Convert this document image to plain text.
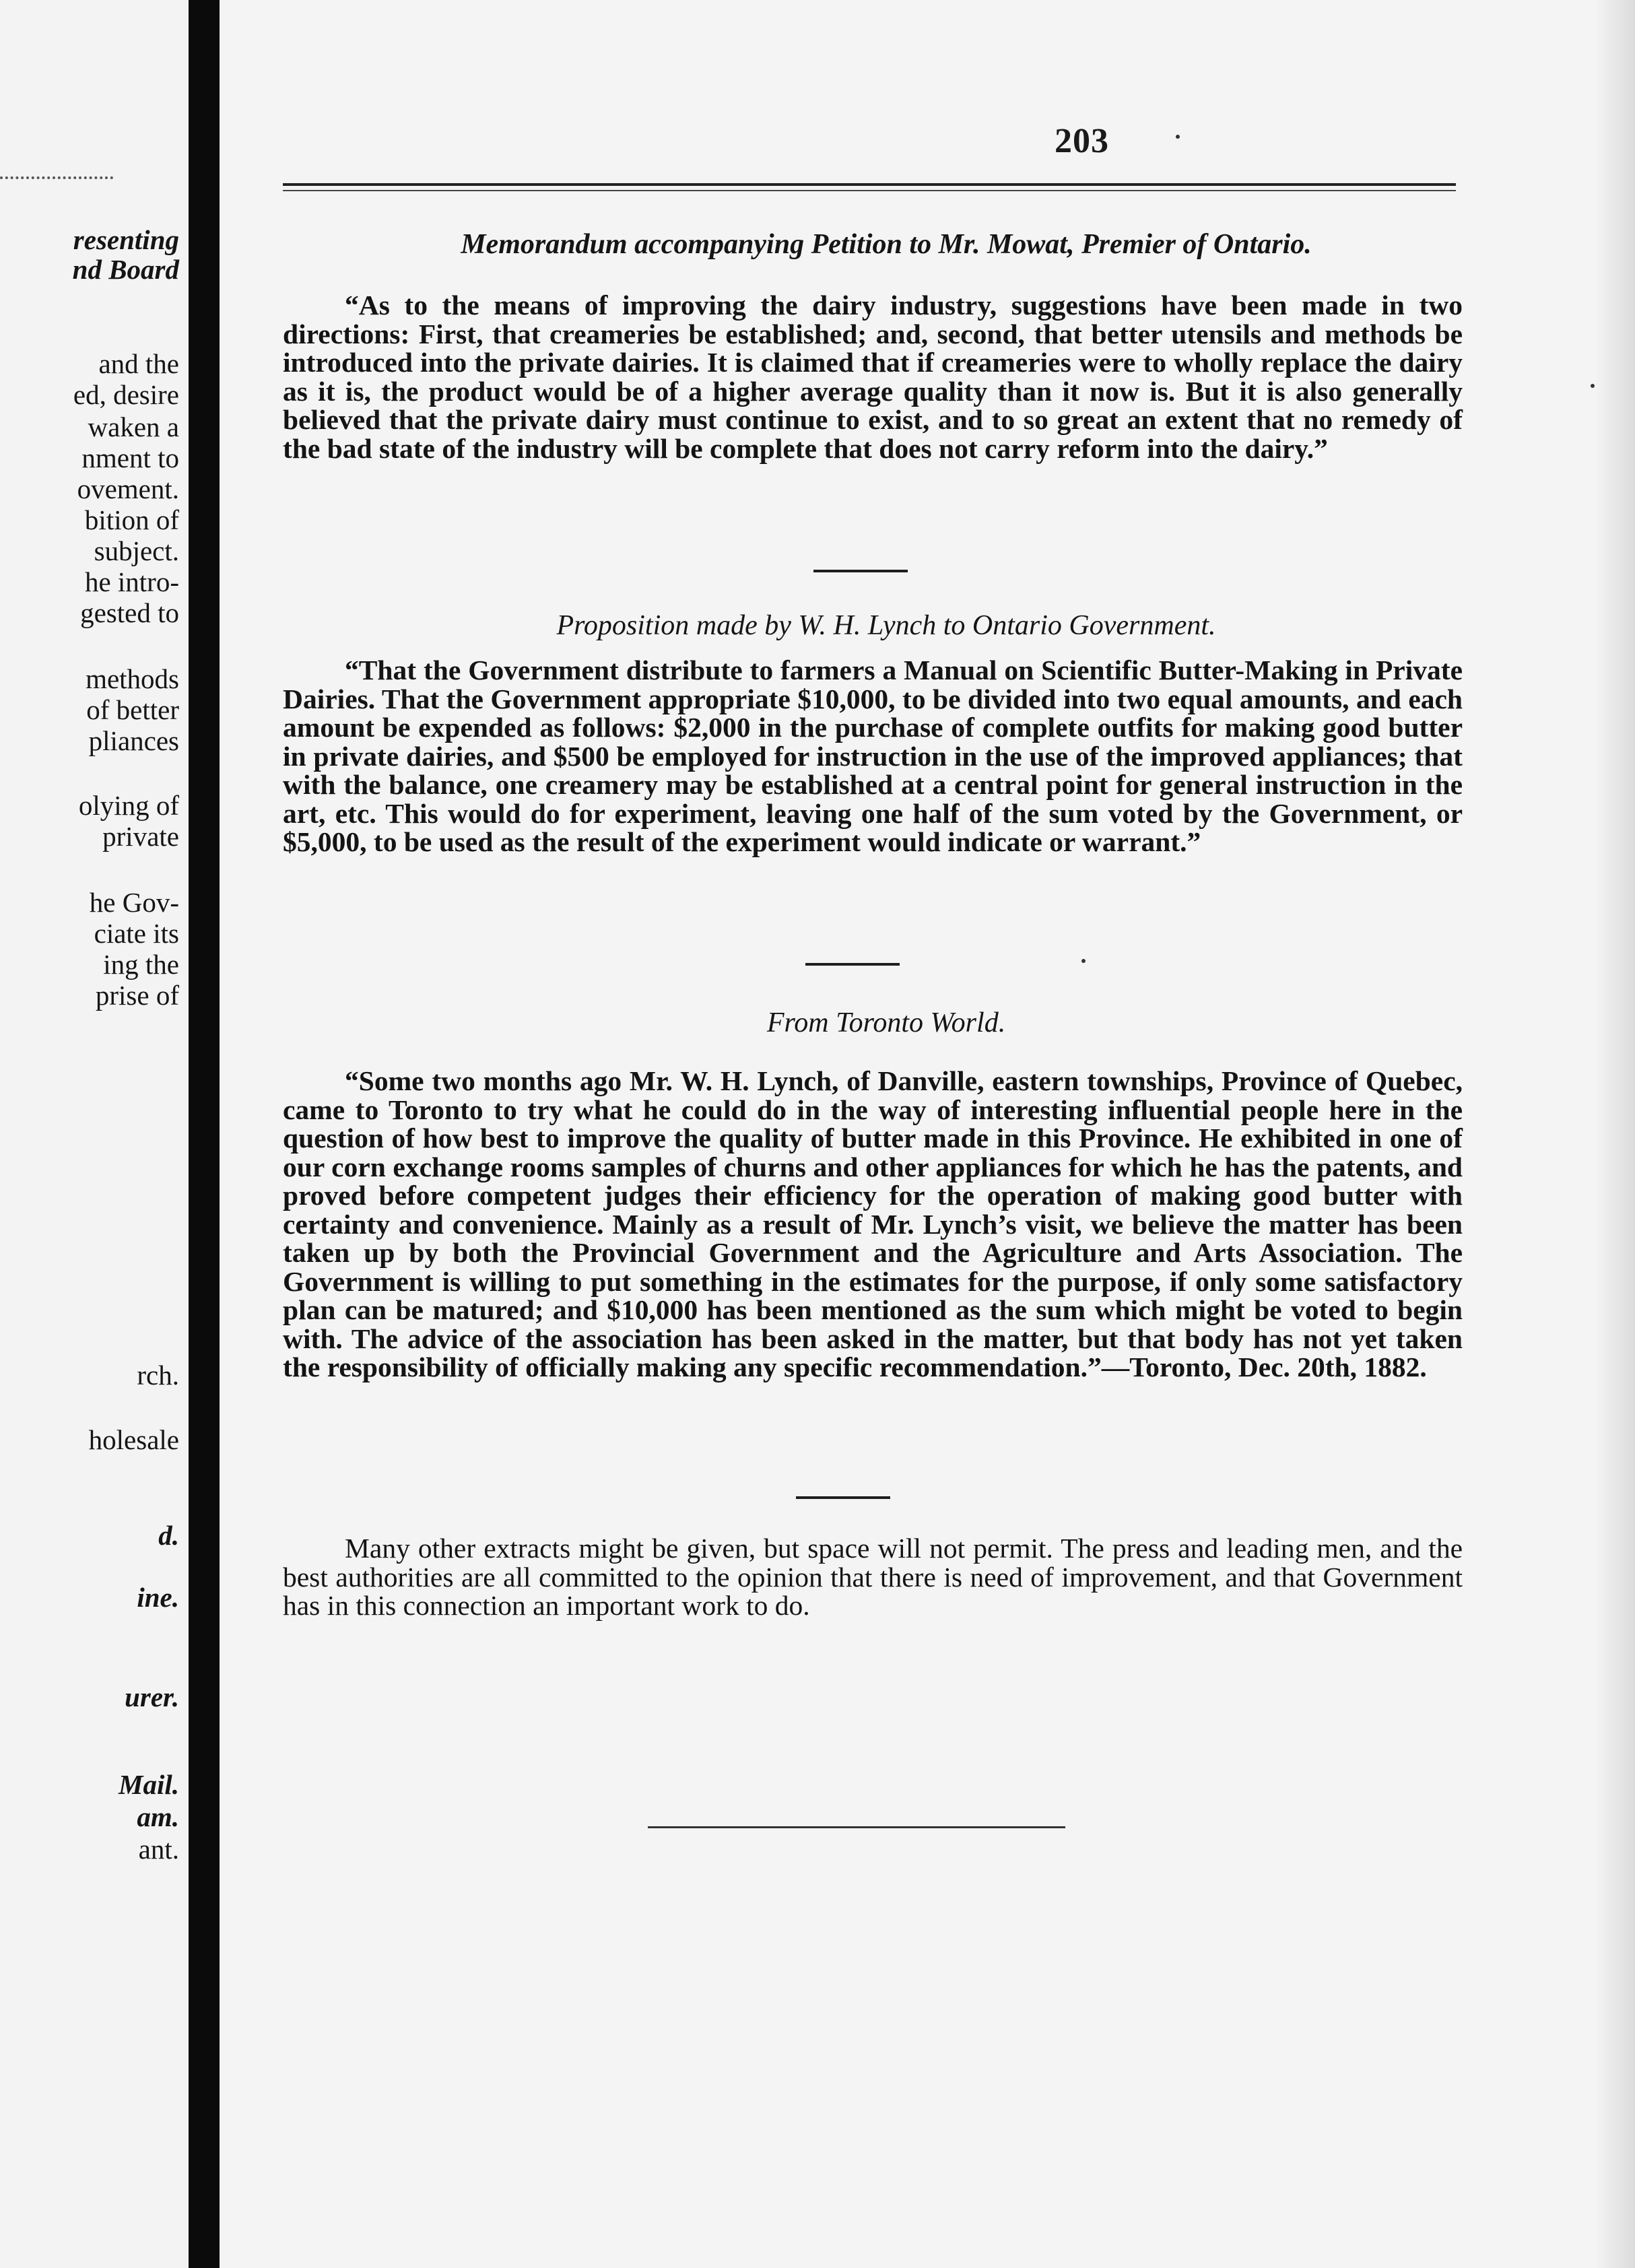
resenting
nd Board
and the
ed, desire
waken a
nment to
ovement.
bition of
subject.
he intro-
gested to
methods
of better
pliances
olying of
private
he Gov-
ciate its
ing the
prise of
rch.
holesale
d.
ine.
urer.
Mail.
am.
ant.
203
Memorandum accompanying Petition to Mr. Mowat, Premier of Ontario.
“As to the means of improving the dairy industry, suggestions have been made in two directions: First, that creameries be established; and, second, that better utensils and methods be introduced into the private dairies. It is claimed that if creameries were to wholly replace the dairy as it is, the product would be of a higher average quality than it now is. But it is also generally believed that the private dairy must continue to exist, and to so great an extent that no remedy of the bad state of the industry will be complete that does not carry reform into the dairy.”
Proposition made by W. H. Lynch to Ontario Government.
“That the Government distribute to farmers a Manual on Scientific Butter-Making in Private Dairies. That the Government appropriate $10,000, to be divided into two equal amounts, and each amount be expended as follows: $2,000 in the purchase of complete outfits for making good butter in private dairies, and $500 be employed for instruction in the use of the improved appliances; that with the balance, one creamery may be established at a central point for general instruction in the art, etc. This would do for experiment, leaving one half of the sum voted by the Government, or $5,000, to be used as the result of the experiment would indicate or warrant.”
From Toronto World.
“Some two months ago Mr. W. H. Lynch, of Danville, eastern townships, Province of Quebec, came to Toronto to try what he could do in the way of interesting influential people here in the question of how best to improve the quality of butter made in this Province. He exhibited in one of our corn exchange rooms samples of churns and other appliances for which he has the patents, and proved before competent judges their efficiency for the operation of making good butter with certainty and convenience. Mainly as a result of Mr. Lynch’s visit, we believe the matter has been taken up by both the Provincial Government and the Agriculture and Arts Association. The Government is willing to put something in the estimates for the purpose, if only some satisfactory plan can be matured; and $10,000 has been mentioned as the sum which might be voted to begin with. The advice of the association has been asked in the matter, but that body has not yet taken the responsibility of officially making any specific recommendation.”—Toronto, Dec. 20th, 1882.
Many other extracts might be given, but space will not permit. The press and leading men, and the best authorities are all committed to the opinion that there is need of improvement, and that Government has in this connection an important work to do.
